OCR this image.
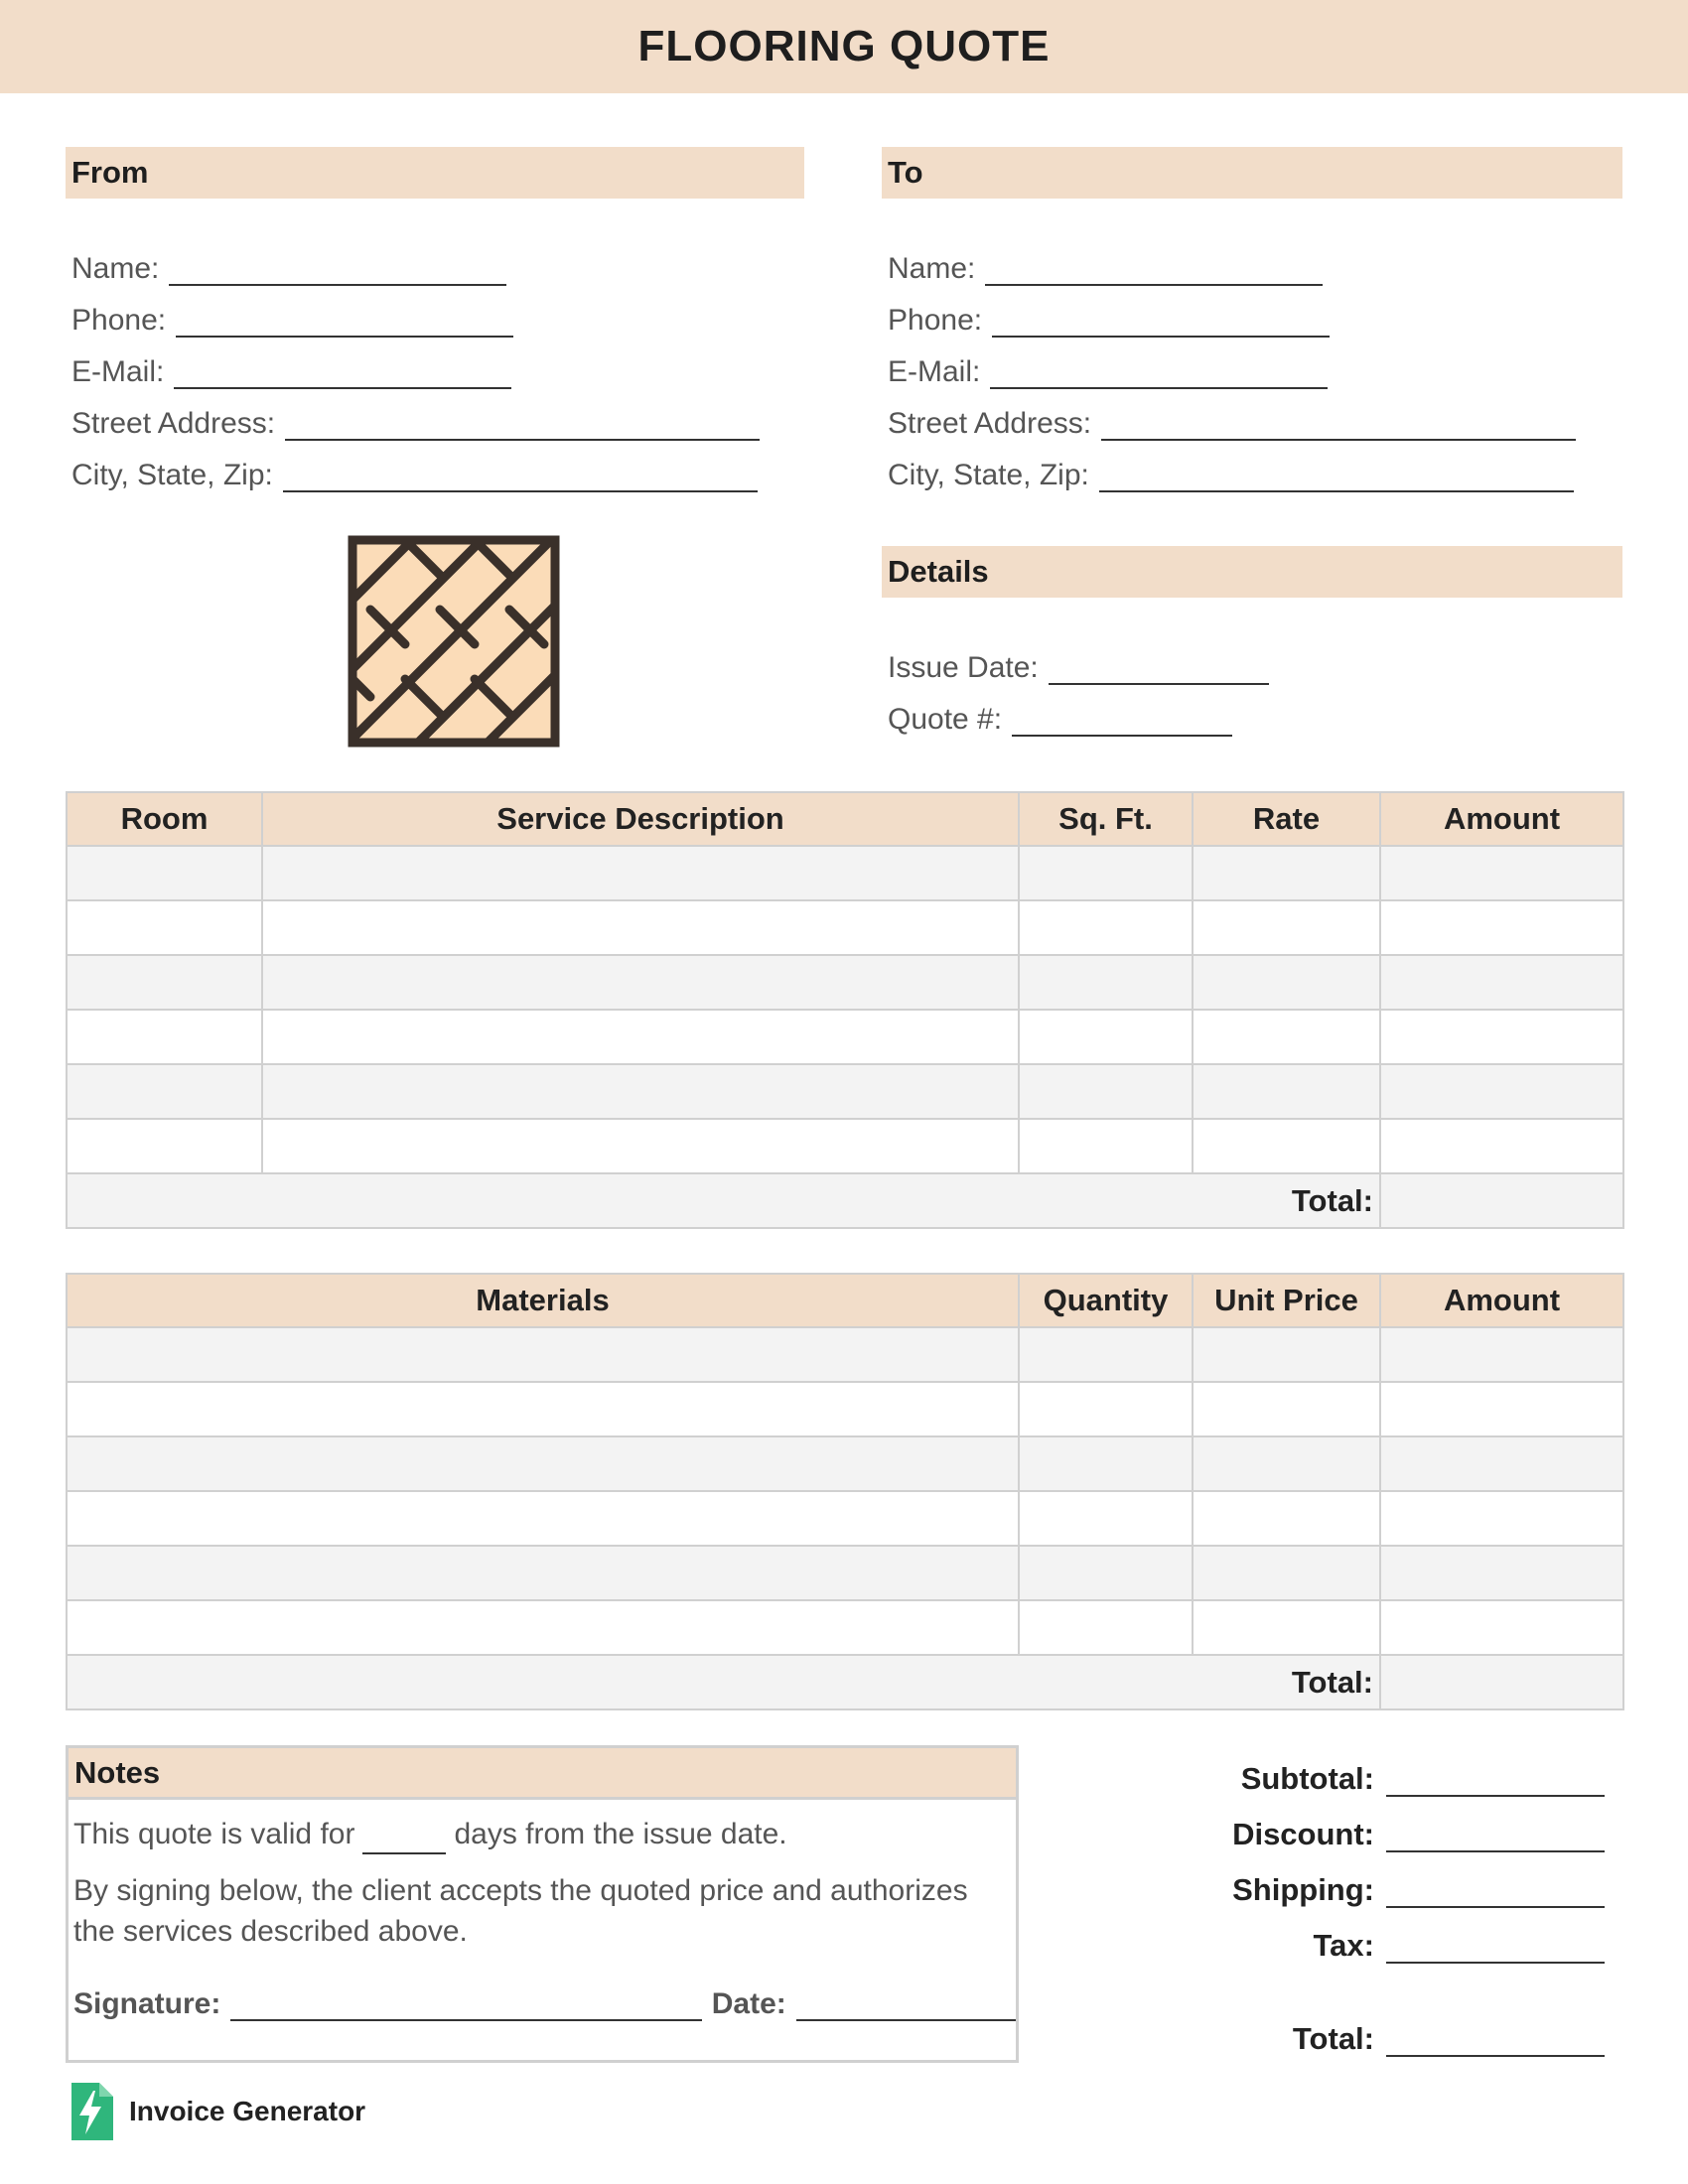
FLOORING QUOTE
From
Name:
Phone:
E-Mail:
Street Address:
City, State, Zip:
To
Name:
Phone:
E-Mail:
Street Address:
City, State, Zip:
Details
Issue Date:
Quote #:
Room	Service Description	Sq. Ft.	Rate	Amount

Total:				
Materials	Quantity	Unit Price	Amount

Total:			
Notes
This quote is valid for	days from the issue date.
By signing below, the client accepts the quoted price and authorizes the services described above.
Signature:	Date:
Subtotal:
Discount:
Shipping:
Tax:
Total:
Invoice Generator
